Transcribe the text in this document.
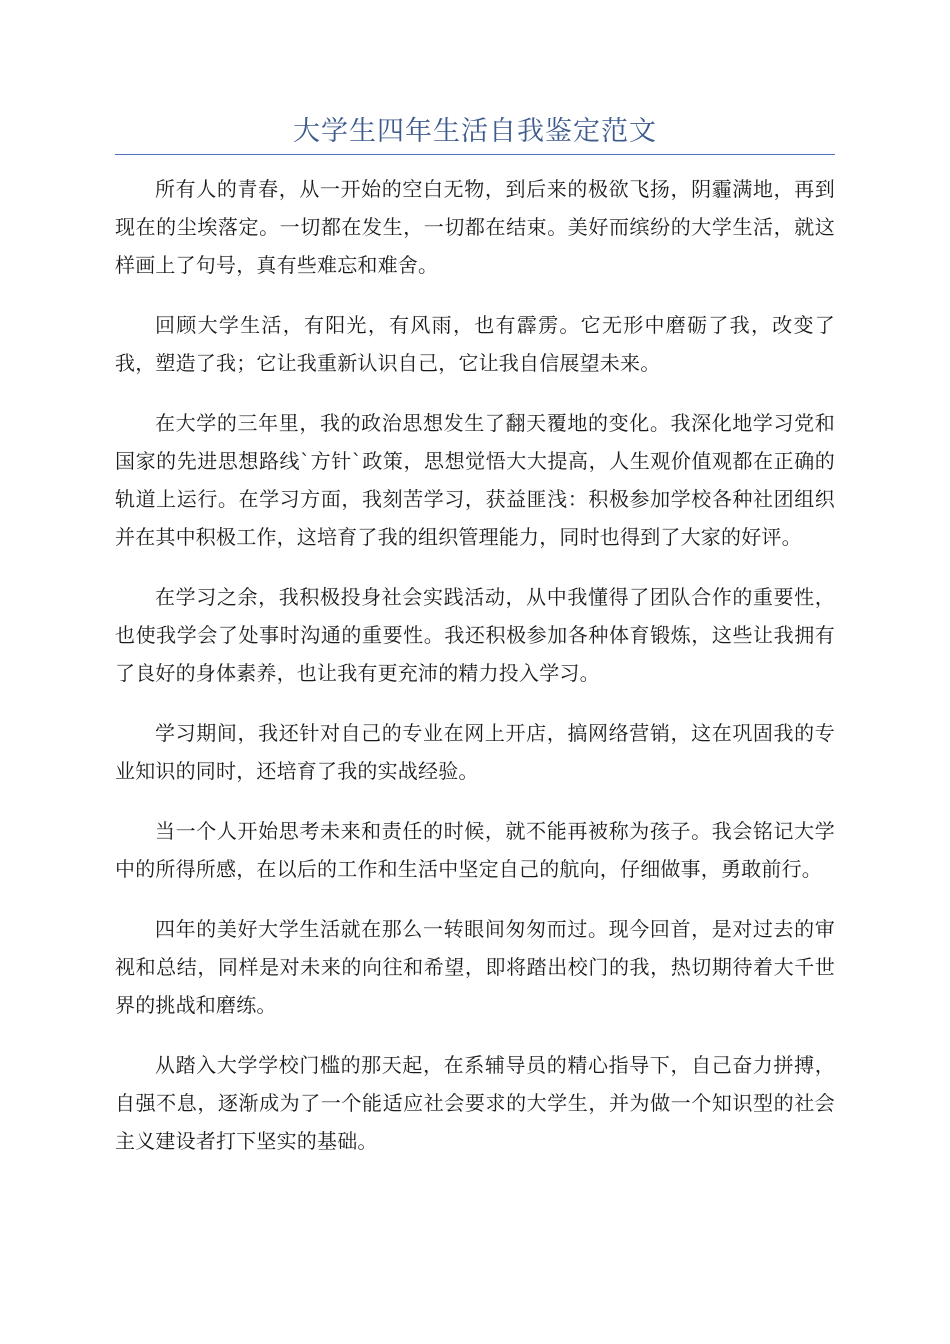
大学生四年生活自我鉴定范文

所有人的青春，从一开始的空白无物，到后来的极欲飞扬，阴霾满地，再到现在的尘埃落定。一切都在发生，一切都在结束。美好而缤纷的大学生活，就这样画上了句号，真有些难忘和难舍。

回顾大学生活，有阳光，有风雨，也有霹雳。它无形中磨砺了我，改变了我，塑造了我；它让我重新认识自己，它让我自信展望未来。

在大学的三年里，我的政治思想发生了翻天覆地的变化。我深化地学习党和国家的先进思想路线`方针`政策，思想觉悟大大提高，人生观价值观都在正确的轨道上运行。在学习方面，我刻苦学习，获益匪浅：积极参加学校各种社团组织并在其中积极工作，这培育了我的组织管理能力，同时也得到了大家的好评。

在学习之余，我积极投身社会实践活动，从中我懂得了团队合作的重要性，也使我学会了处事时沟通的重要性。我还积极参加各种体育锻炼，这些让我拥有了良好的身体素养，也让我有更充沛的精力投入学习。

学习期间，我还针对自己的专业在网上开店，搞网络营销，这在巩固我的专业知识的同时，还培育了我的实战经验。

当一个人开始思考未来和责任的时候，就不能再被称为孩子。我会铭记大学中的所得所感，在以后的工作和生活中坚定自己的航向，仔细做事，勇敢前行。

四年的美好大学生活就在那么一转眼间匆匆而过。现今回首，是对过去的审视和总结，同样是对未来的向往和希望，即将踏出校门的我，热切期待着大千世界的挑战和磨练。

从踏入大学学校门槛的那天起，在系辅导员的精心指导下，自己奋力拼搏，自强不息，逐渐成为了一个能适应社会要求的大学生，并为做一个知识型的社会主义建设者打下坚实的基础。
